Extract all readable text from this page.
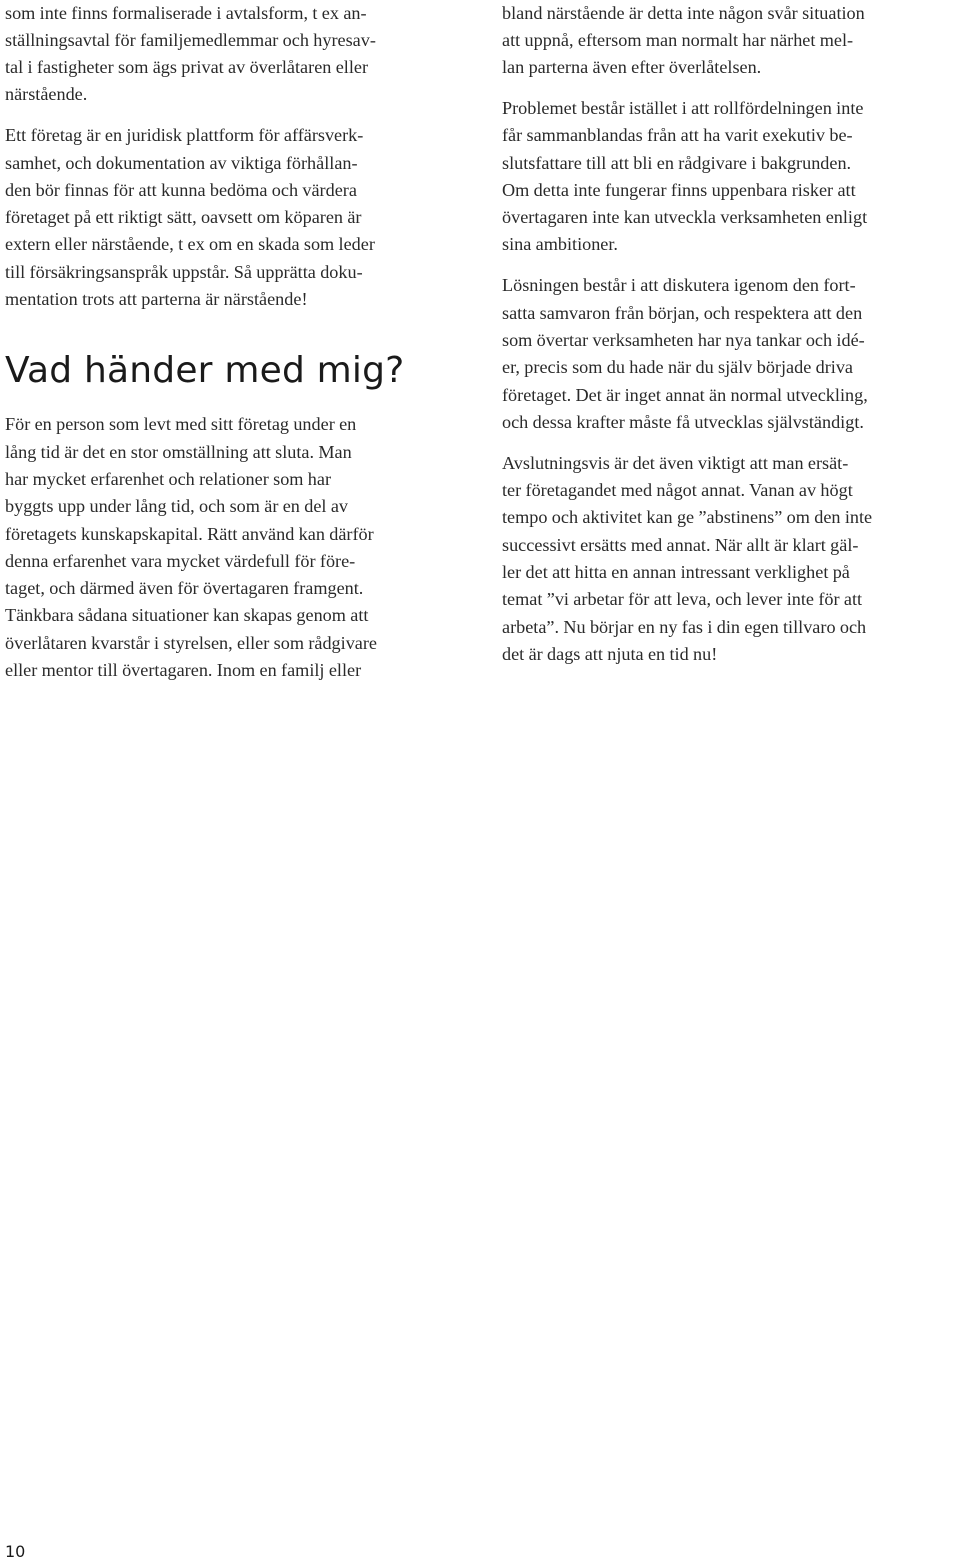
som inte finns formaliserade i avtalsform, t ex an-
ställningsavtal för familjemedlemmar och hyresav-
tal i fastigheter som ägs privat av överlåtaren eller
närstående.

Ett företag är en juridisk plattform för affärsverk-
samhet, och dokumentation av viktiga förhållan-
den bör finnas för att kunna bedöma och värdera
företaget på ett riktigt sätt, oavsett om köparen är
extern eller närstående, t ex om en skada som leder
till försäkringsanspråk uppstår. Så upprätta doku-
mentation trots att parterna är närstående!

Vad händer med mig?

För en person som levt med sitt företag under en
lång tid är det en stor omställning att sluta. Man
har mycket erfarenhet och relationer som har
byggts upp under lång tid, och som är en del av
företagets kunskapskapital. Rätt använd kan därför
denna erfarenhet vara mycket värdefull för före-
taget, och därmed även för övertagaren framgent.
Tänkbara sådana situationer kan skapas genom att
överlåtaren kvarstår i styrelsen, eller som rådgivare
eller mentor till övertagaren. Inom en familj eller

bland närstående är detta inte någon svår situation
att uppnå, eftersom man normalt har närhet mel-
lan parterna även efter överlåtelsen.

Problemet består istället i att rollfördelningen inte
får sammanblandas från att ha varit exekutiv be-
slutsfattare till att bli en rådgivare i bakgrunden.

Om detta inte fungerar finns uppenbara risker att
övertagaren inte kan utveckla verksamheten enligt
sina ambitioner.

Lösningen består i att diskutera igenom den fort-
satta samvaron från början, och respektera att den
som övertar verksamheten har nya tankar och idé-
er, precis som du hade när du själv började driva
företaget. Det är inget annat än normal utveckling,
och dessa krafter måste få utvecklas självständigt.

Avslutningsvis är det även viktigt att man ersät-
ter företagandet med något annat. Vanan av högt
tempo och aktivitet kan ge ”abstinens” om den inte
successivt ersätts med annat. När allt är klart gäl-
ler det att hitta en annan intressant verklighet på
temat ”vi arbetar för att leva, och lever inte för att
arbeta”. Nu börjar en ny fas i din egen tillvaro och
det är dags att njuta en tid nu!

10
